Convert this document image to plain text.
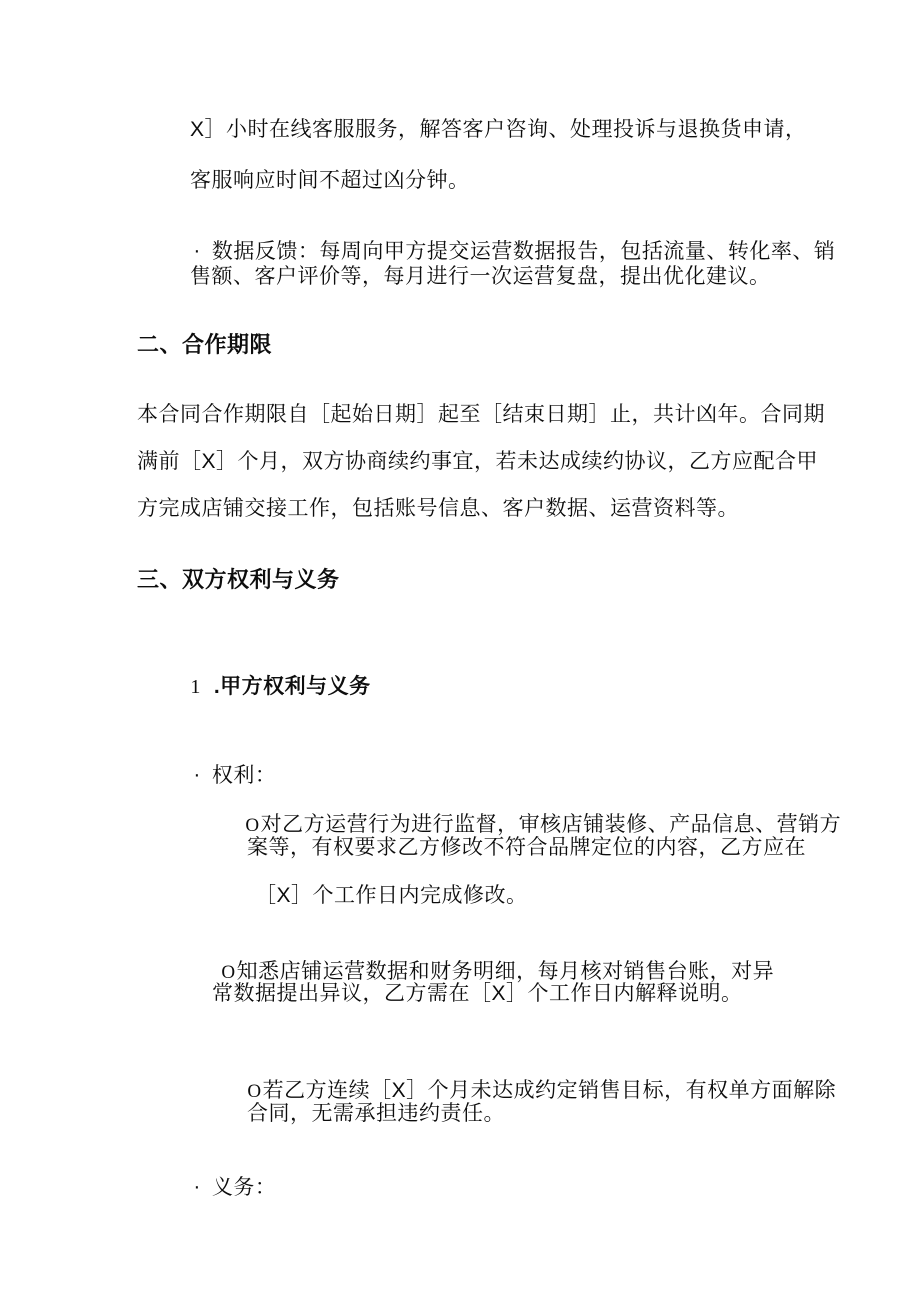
X］小时在线客服服务，解答客户咨询、处理投诉与退换货申请，
客服响应时间不超过凶分钟。

· 数据反馈：每周向甲方提交运营数据报告，包括流量、转化率、销

售额、客户评价等，每月进行一次运营复盘，提出优化建议。
二、合作期限
本合同合作期限自［起始日期］起至［结束日期］止，共计凶年。合同期
满前［X］个月，双方协商续约事宜，若未达成续约协议，乙方应配合甲
方完成店铺交接工作，包括账号信息、客户数据、运营资料等。
三、双方权利与义务

1 .甲方权利与义务

· 权利：

O对乙方运营行为进行监督，审核店铺装修、产品信息、营销方

案等，有权要求乙方修改不符合品牌定位的内容，乙方应在
［X］个工作日内完成修改。

O知悉店铺运营数据和财务明细，每月核对销售台账，对异

常数据提出异议，乙方需在［X］个工作日内解释说明。

O若乙方连续［X］个月未达成约定销售目标，有权单方面解除

合同，无需承担违约责任。

· 义务：
